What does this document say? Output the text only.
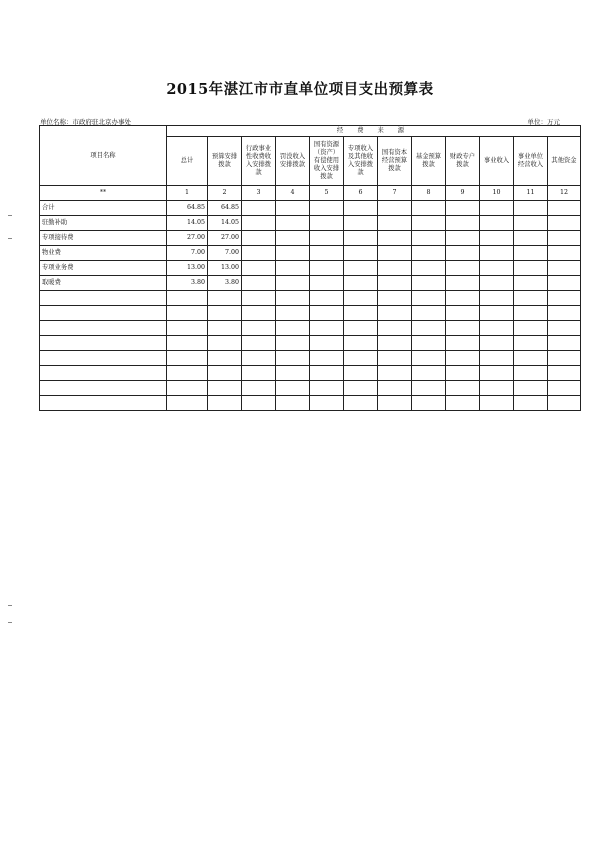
2015年湛江市市直单位项目支出预算表
单位名称：市政府驻北京办事处	单位：万元
项目名称	经 费 来 源											
	总计	预算安排拨款	行政事业性收费收入安排拨款	罚没收入安排拨款	国有资源（资产）有偿使用收入安排拨款	专项收入及其他收入安排拨款	国有资本经营预算拨款	基金预算拨款	财政专户拨款	事业收入	事业单位经营收入	其他资金
**	1	2	3	4	5	6	7	8	9	10	11	12
合计	64.85	64.85										
驻勤补助	14.05	14.05										
专项接待费	27.00	27.00										
物业费	7.00	7.00										
专项业务费	13.00	13.00										
取暖费	3.80	3.80										
